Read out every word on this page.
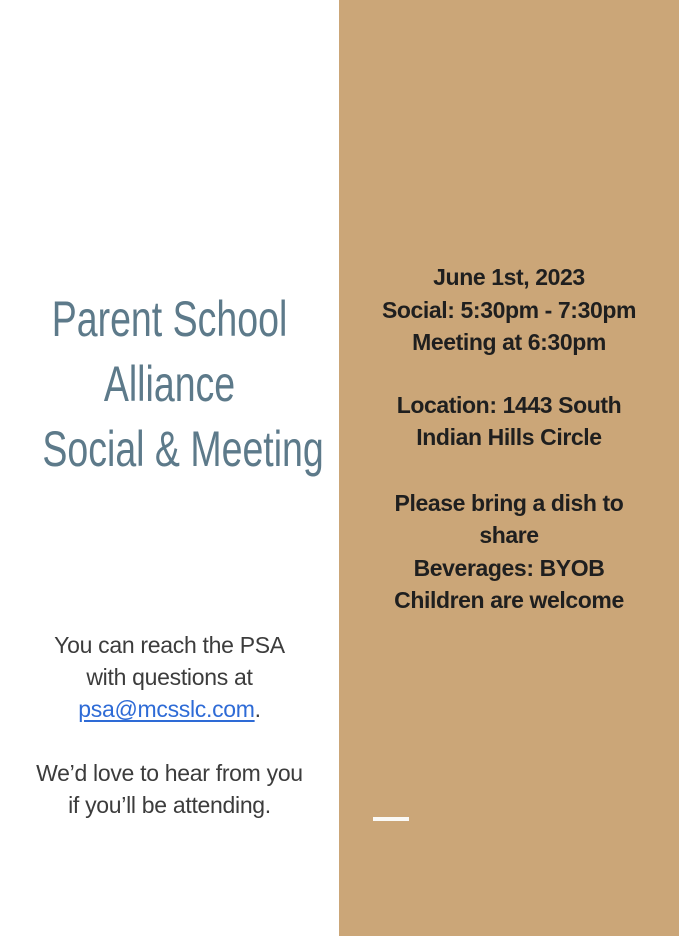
Parent School
Alliance
Social & Meeting
You can reach the PSA
with questions at
psa@mcsslc.com.
We’d love to hear from you
if you’ll be attending.
June 1st, 2023
Social: 5:30pm - 7:30pm
Meeting at 6:30pm
Location: 1443 South
Indian Hills Circle
Please bring a dish to
share
Beverages: BYOB
Children are welcome
